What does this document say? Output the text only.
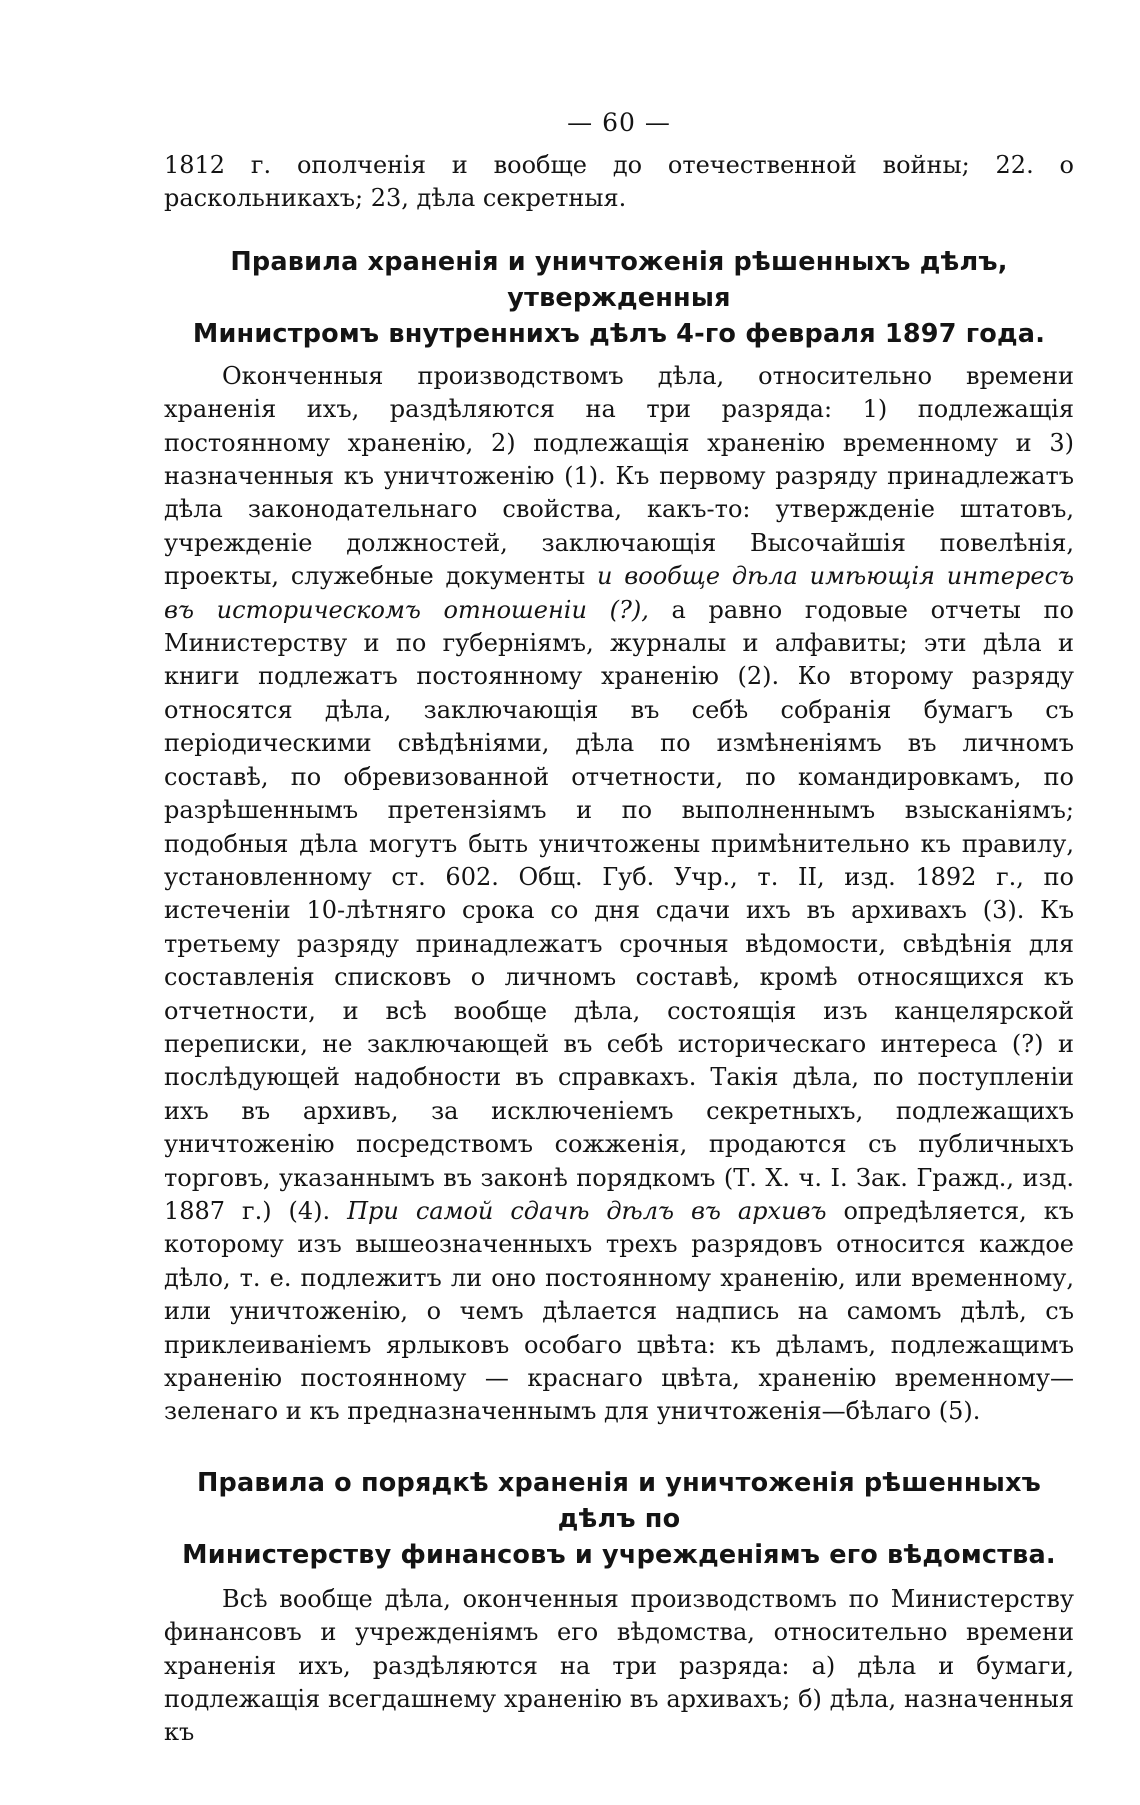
— 60 —

1812 г. ополченія и вообще до отечественной войны; 22. о раскольникахъ; 23, дѣла секретныя.

Правила храненія и уничтоженія рѣшенныхъ дѣлъ, утвержденныя

Министромъ внутреннихъ дѣлъ 4-го февраля 1897 года.

Оконченныя производствомъ дѣла, относительно времени храненія ихъ, раздѣляются на три разряда: 1) подлежащія постоянному храненію, 2) подлежащія храненію временному и 3) назначенныя къ уничтоженію (1). Къ первому разряду принадлежатъ дѣла законодательнаго свойства, какъ-то: утвержденіе штатовъ, учрежденіе должностей, заключающія Высочайшія повелѣнія, проекты, служебные документы и вообще дѣла имѣющія интересъ въ историческомъ отношеніи (?), а равно годовые отчеты по Министерству и по губерніямъ, журналы и алфавиты; эти дѣла и книги подлежатъ постоянному храненію (2). Ко второму разряду относятся дѣла, заключающія въ себѣ собранія бумагъ съ періодическими свѣдѣніями, дѣла по измѣненіямъ въ личномъ составѣ, по обревизованной отчетности, по командировкамъ, по разрѣшеннымъ претензіямъ и по выполненнымъ взысканіямъ; подобныя дѣла могутъ быть уничтожены примѣнительно къ правилу, установленному ст. 602. Общ. Губ. Учр., т. II, изд. 1892 г., по истеченіи 10-лѣтняго срока со дня сдачи ихъ въ архивахъ (3). Къ третьему разряду принадлежатъ срочныя вѣдомости, свѣдѣнія для составленія списковъ о личномъ составѣ, кромѣ относящихся къ отчетности, и всѣ вообще дѣла, состоящія изъ канцелярской переписки, не заключающей въ себѣ историческаго интереса (?) и послѣдующей надобности въ справкахъ. Такія дѣла, по поступленіи ихъ въ архивъ, за исключеніемъ секретныхъ, подлежащихъ уничтоженію посредствомъ сожженія, продаются съ публичныхъ торговъ, указаннымъ въ законѣ порядкомъ (Т. X. ч. I. Зак. Гражд., изд. 1887 г.) (4). При самой сдачѣ дѣлъ въ архивъ опредѣляется, къ которому изъ вышеозначенныхъ трехъ разрядовъ относится каждое дѣло, т. е. подлежитъ ли оно постоянному храненію, или временному, или уничтоженію, о чемъ дѣлается надпись на самомъ дѣлѣ, съ приклеиваніемъ ярлыковъ особаго цвѣта: къ дѣламъ, подлежащимъ храненію постоянному — краснаго цвѣта, храненію временному—зеленаго и къ предназначеннымъ для уничтоженія—бѣлаго (5).

Правила о порядкѣ храненія и уничтоженія рѣшенныхъ дѣлъ по

Министерству финансовъ и учрежденіямъ его вѣдомства.

Всѣ вообще дѣла, оконченныя производствомъ по Министерству финансовъ и учрежденіямъ его вѣдомства, относительно времени храненія ихъ, раздѣляются на три разряда: а) дѣла и бумаги, подлежащія всегдашнему храненію въ архивахъ; б) дѣла, назначенныя къ
